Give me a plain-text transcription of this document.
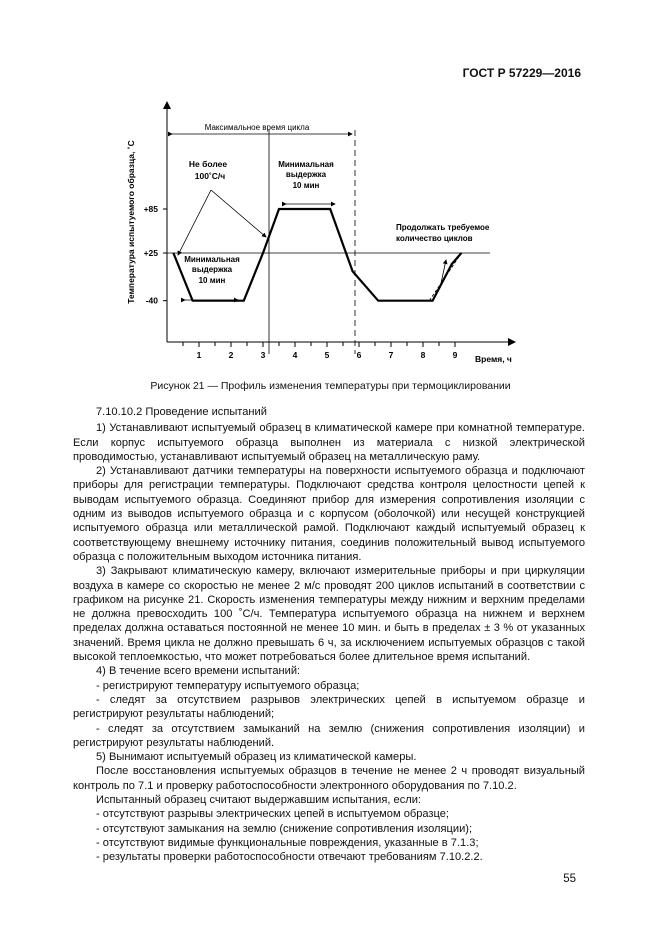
ГОСТ Р 57229—2016
Максимальное время цикла
Не более
100˚С/ч
Минимальная
выдержка
10 мин
Минимальная
выдержка
10 мин
Продолжать требуемое
количество циклов
Температура испытуемого образца, ˚С
Время, ч
1	2	3	4	5	6	7	8	9
+85
+25
-40
Рисунок 21 — Профиль изменения температуры при термоциклировании

7.10.10.2 Проведение испытаний

1) Устанавливают испытуемый образец в климатической камере при комнатной температуре. Если корпус испытуемого образца выполнен из материала с низкой электрической проводимостью, устанавливают испытуемый образец на металлическую раму.

2) Устанавливают датчики температуры на поверхности испытуемого образца и подключают приборы для регистрации температуры. Подключают средства контроля целостности цепей к выводам испытуемого образца. Соединяют прибор для измерения сопротивления изоляции с одним из выводов испытуемого образца и с корпусом (оболочкой) или несущей конструкцией испытуемого образца или металлической рамой. Подключают каждый испытуемый образец к соответствующему внешнему источнику питания, соединив положительный вывод испытуемого образца с положительным выходом источника питания.

3) Закрывают климатическую камеру, включают измерительные приборы и при циркуляции воздуха в камере со скоростью не менее 2 м/с проводят 200 циклов испытаний в соответствии с графиком на рисунке 21. Скорость изменения температуры между нижним и верхним пределами не должна превосходить 100 ˚С/ч. Температура испытуемого образца на нижнем и верхнем пределах должна оставаться постоянной не менее 10 мин. и быть в пределах ± 3 % от указанных значений. Время цикла не должно превышать 6 ч, за исключением испытуемых образцов с такой высокой теплоемкостью, что может потребоваться более длительное время испытаний.

4) В течение всего времени испытаний:

- регистрируют температуру испытуемого образца;

- следят за отсутствием разрывов электрических цепей в испытуемом образце и регистрируют результаты наблюдений;

- следят за отсутствием замыканий на землю (снижения сопротивления изоляции) и регистрируют результаты наблюдений.

5) Вынимают испытуемый образец из климатической камеры.

После восстановления испытуемых образцов в течение не менее 2 ч проводят визуальный контроль по 7.1 и проверку работоспособности электронного оборудования по 7.10.2.

Испытанный образец считают выдержавшим испытания, если:

- отсутствуют разрывы электрических цепей в испытуемом образце;

- отсутствуют замыкания на землю (снижение сопротивления изоляции);

- отсутствуют видимые функциональные повреждения, указанные в 7.1.3;

- результаты проверки работоспособности отвечают требованиям 7.10.2.2.

55
